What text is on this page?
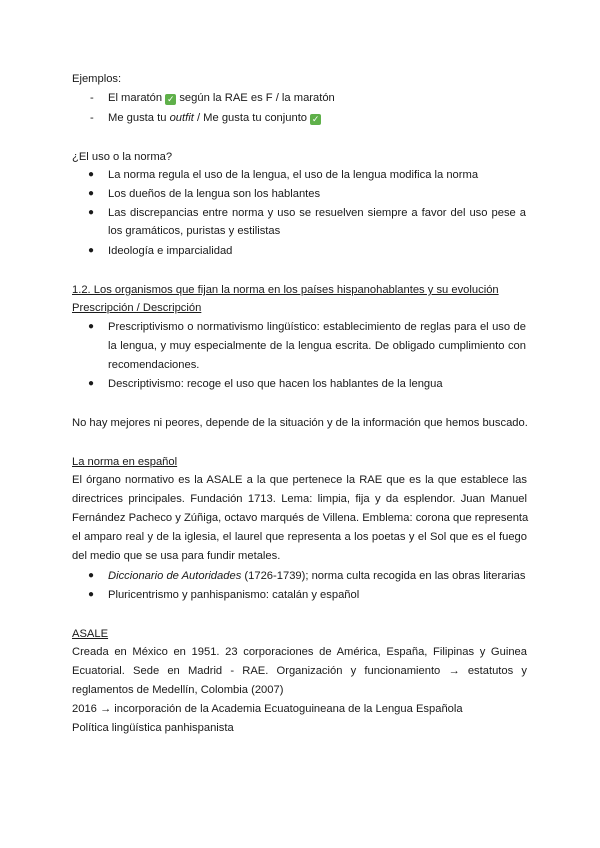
Ejemplos:
- El maratón ✓ según la RAE es F / la maratón
- Me gusta tu outfit / Me gusta tu conjunto ✓
¿El uso o la norma?
● La norma regula el uso de la lengua, el uso de la lengua modifica la norma
● Los dueños de la lengua son los hablantes
● Las discrepancias entre norma y uso se resuelven siempre a favor del uso pese a
los gramáticos, puristas y estilistas
● Ideología e imparcialidad
1.2. Los organismos que fijan la norma en los países hispanohablantes y su evolución
Prescripción / Descripción
● Prescriptivismo o normativismo lingüístico: establecimiento de reglas para el uso de
la lengua, y muy especialmente de la lengua escrita. De obligado cumplimiento con
recomendaciones.
● Descriptivismo: recoge el uso que hacen los hablantes de la lengua
No hay mejores ni peores, depende de la situación y de la información que hemos buscado.
La norma en español
El órgano normativo es la ASALE a la que pertenece la RAE que es la que establece las
directrices principales. Fundación 1713. Lema: limpia, fija y da esplendor. Juan Manuel
Fernández Pacheco y Zúñiga, octavo marqués de Villena. Emblema: corona que representa
el amparo real y de la iglesia, el laurel que representa a los poetas y el Sol que es el fuego
del medio que se usa para fundir metales.
● Diccionario de Autoridades (1726-1739); norma culta recogida en las obras literarias
● Pluricentrismo y panhispanismo: catalán y español
ASALE
Creada en México en 1951. 23 corporaciones de América, España, Filipinas y Guinea
Ecuatorial. Sede en Madrid - RAE. Organización y funcionamiento → estatutos y
reglamentos de Medellín, Colombia (2007)
2016 → incorporación de la Academia Ecuatoguineana de la Lengua Española
Política lingüística panhispanista
